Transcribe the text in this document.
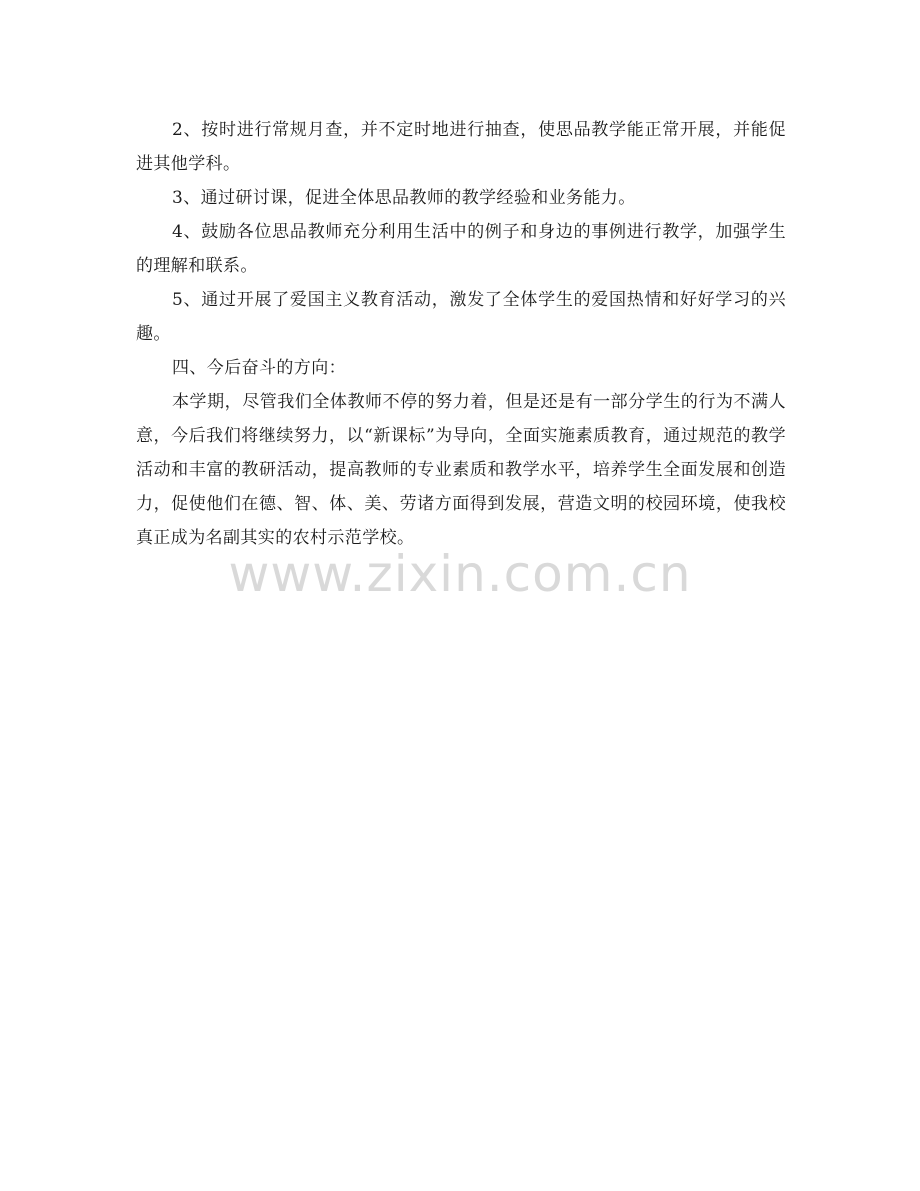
2、按时进行常规月查，并不定时地进行抽查，使思品教学能正常开展，并能促进其他学科。

3、通过研讨课，促进全体思品教师的教学经验和业务能力。

4、鼓励各位思品教师充分利用生活中的例子和身边的事例进行教学，加强学生的理解和联系。

5、通过开展了爱国主义教育活动，激发了全体学生的爱国热情和好好学习的兴趣。

四、今后奋斗的方向：

本学期，尽管我们全体教师不停的努力着，但是还是有一部分学生的行为不满人意，今后我们将继续努力，以“新课标”为导向，全面实施素质教育，通过规范的教学活动和丰富的教研活动，提高教师的专业素质和教学水平，培养学生全面发展和创造力，促使他们在德、智、体、美、劳诸方面得到发展，营造文明的校园环境，使我校真正成为名副其实的农村示范学校。

www.zixin.com.cn
